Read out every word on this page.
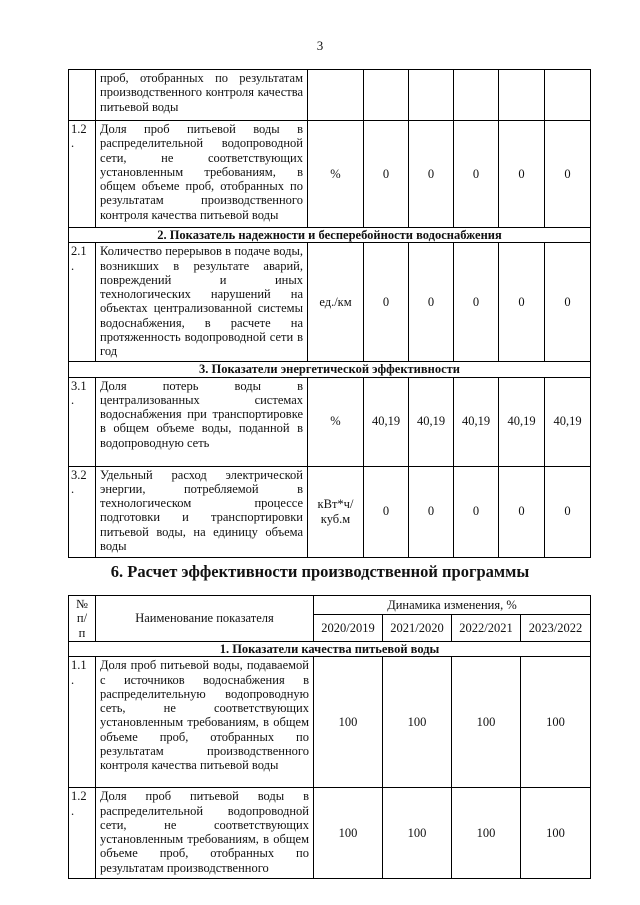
3
	проб, отобранных по результатам производственного контроля качества питьевой воды						
1.2
.	Доля проб питьевой воды в распределительной водопроводной сети, не соответствующих установленным требованиям, в общем объеме проб, отобранных по результатам производственного контроля качества питьевой воды	%	0	0	0	0	0
2. Показатель надежности и бесперебойности водоснабжения							
2.1
.	Количество перерывов в подаче воды, возникших в результате аварий, повреждений и иных технологических нарушений на объектах централизованной системы водоснабжения, в расчете на протяженность водопроводной сети в год	ед./км	0	0	0	0	0
3. Показатели энергетической эффективности							
3.1
.	Доля потерь воды в централизованных системах водоснабжения при транспортировке в общем объеме воды, поданной в водопроводную сеть	%	40,19	40,19	40,19	40,19	40,19
3.2
.	Удельный расход электрической энергии, потребляемой в технологическом процессе подготовки и транспортировки питьевой воды, на единицу объема воды	кВт*ч/
куб.м	0	0	0	0	0
6. Расчет эффективности производственной программы
№
п/
п	Наименование показателя	Динамика изменения, %			
		2020/2019	2021/2020	2022/2021	2023/2022
1. Показатели качества питьевой воды					
1.1
.	Доля проб питьевой воды, подаваемой с источников водоснабжения в распределительную водопроводную сеть, не соответствующих установленным требованиям, в общем объеме проб, отобранных по результатам производственного контроля качества питьевой воды	100	100	100	100
1.2
.	Доля проб питьевой воды в распределительной водопроводной сети, не соответствующих установленным требованиям, в общем объеме проб, отобранных по результатам производственного	100	100	100	100
